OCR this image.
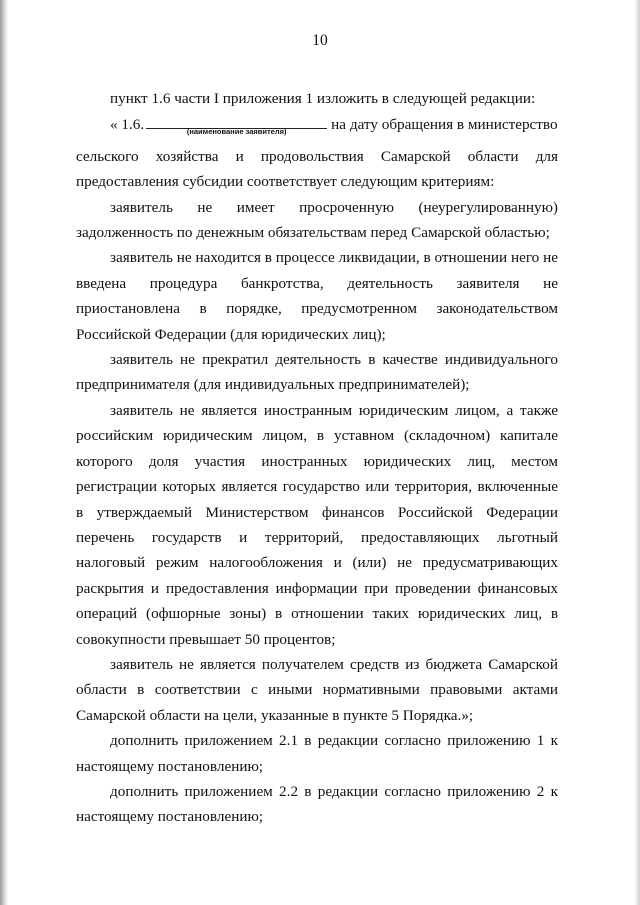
10

пункт 1.6 части I приложения 1 изложить в следующей редакции:

« 1.6.	(наименование заявителя)	на дату обращения в министерство

сельского хозяйства и продовольствия Самарской области для предоставления субсидии соответствует следующим критериям:

заявитель не имеет просроченную (неурегулированную) задолженность по денежным обязательствам перед Самарской областью;

заявитель не находится в процессе ликвидации, в отношении него не введена процедура банкротства, деятельность заявителя не приостановлена в порядке, предусмотренном законодательством Российской Федерации (для юридических лиц);

заявитель не прекратил деятельность в качестве индивидуального предпринимателя (для индивидуальных предпринимателей);

заявитель не является иностранным юридическим лицом, а также российским юридическим лицом, в уставном (складочном) капитале которого доля участия иностранных юридических лиц, местом регистрации которых является государство или территория, включенные в утверждаемый Министерством финансов Российской Федерации перечень государств и территорий, предоставляющих льготный налоговый режим налогообложения и (или) не предусматривающих раскрытия и предоставления информации при проведении финансовых операций (офшорные зоны) в отношении таких юридических лиц, в совокупности превышает 50 процентов;

заявитель не является получателем средств из бюджета Самарской области в соответствии с иными нормативными правовыми актами Самарской области на цели, указанные в пункте 5 Порядка.»;

дополнить приложением 2.1 в редакции согласно приложению 1 к настоящему постановлению;

дополнить приложением 2.2 в редакции согласно приложению 2 к настоящему постановлению;
